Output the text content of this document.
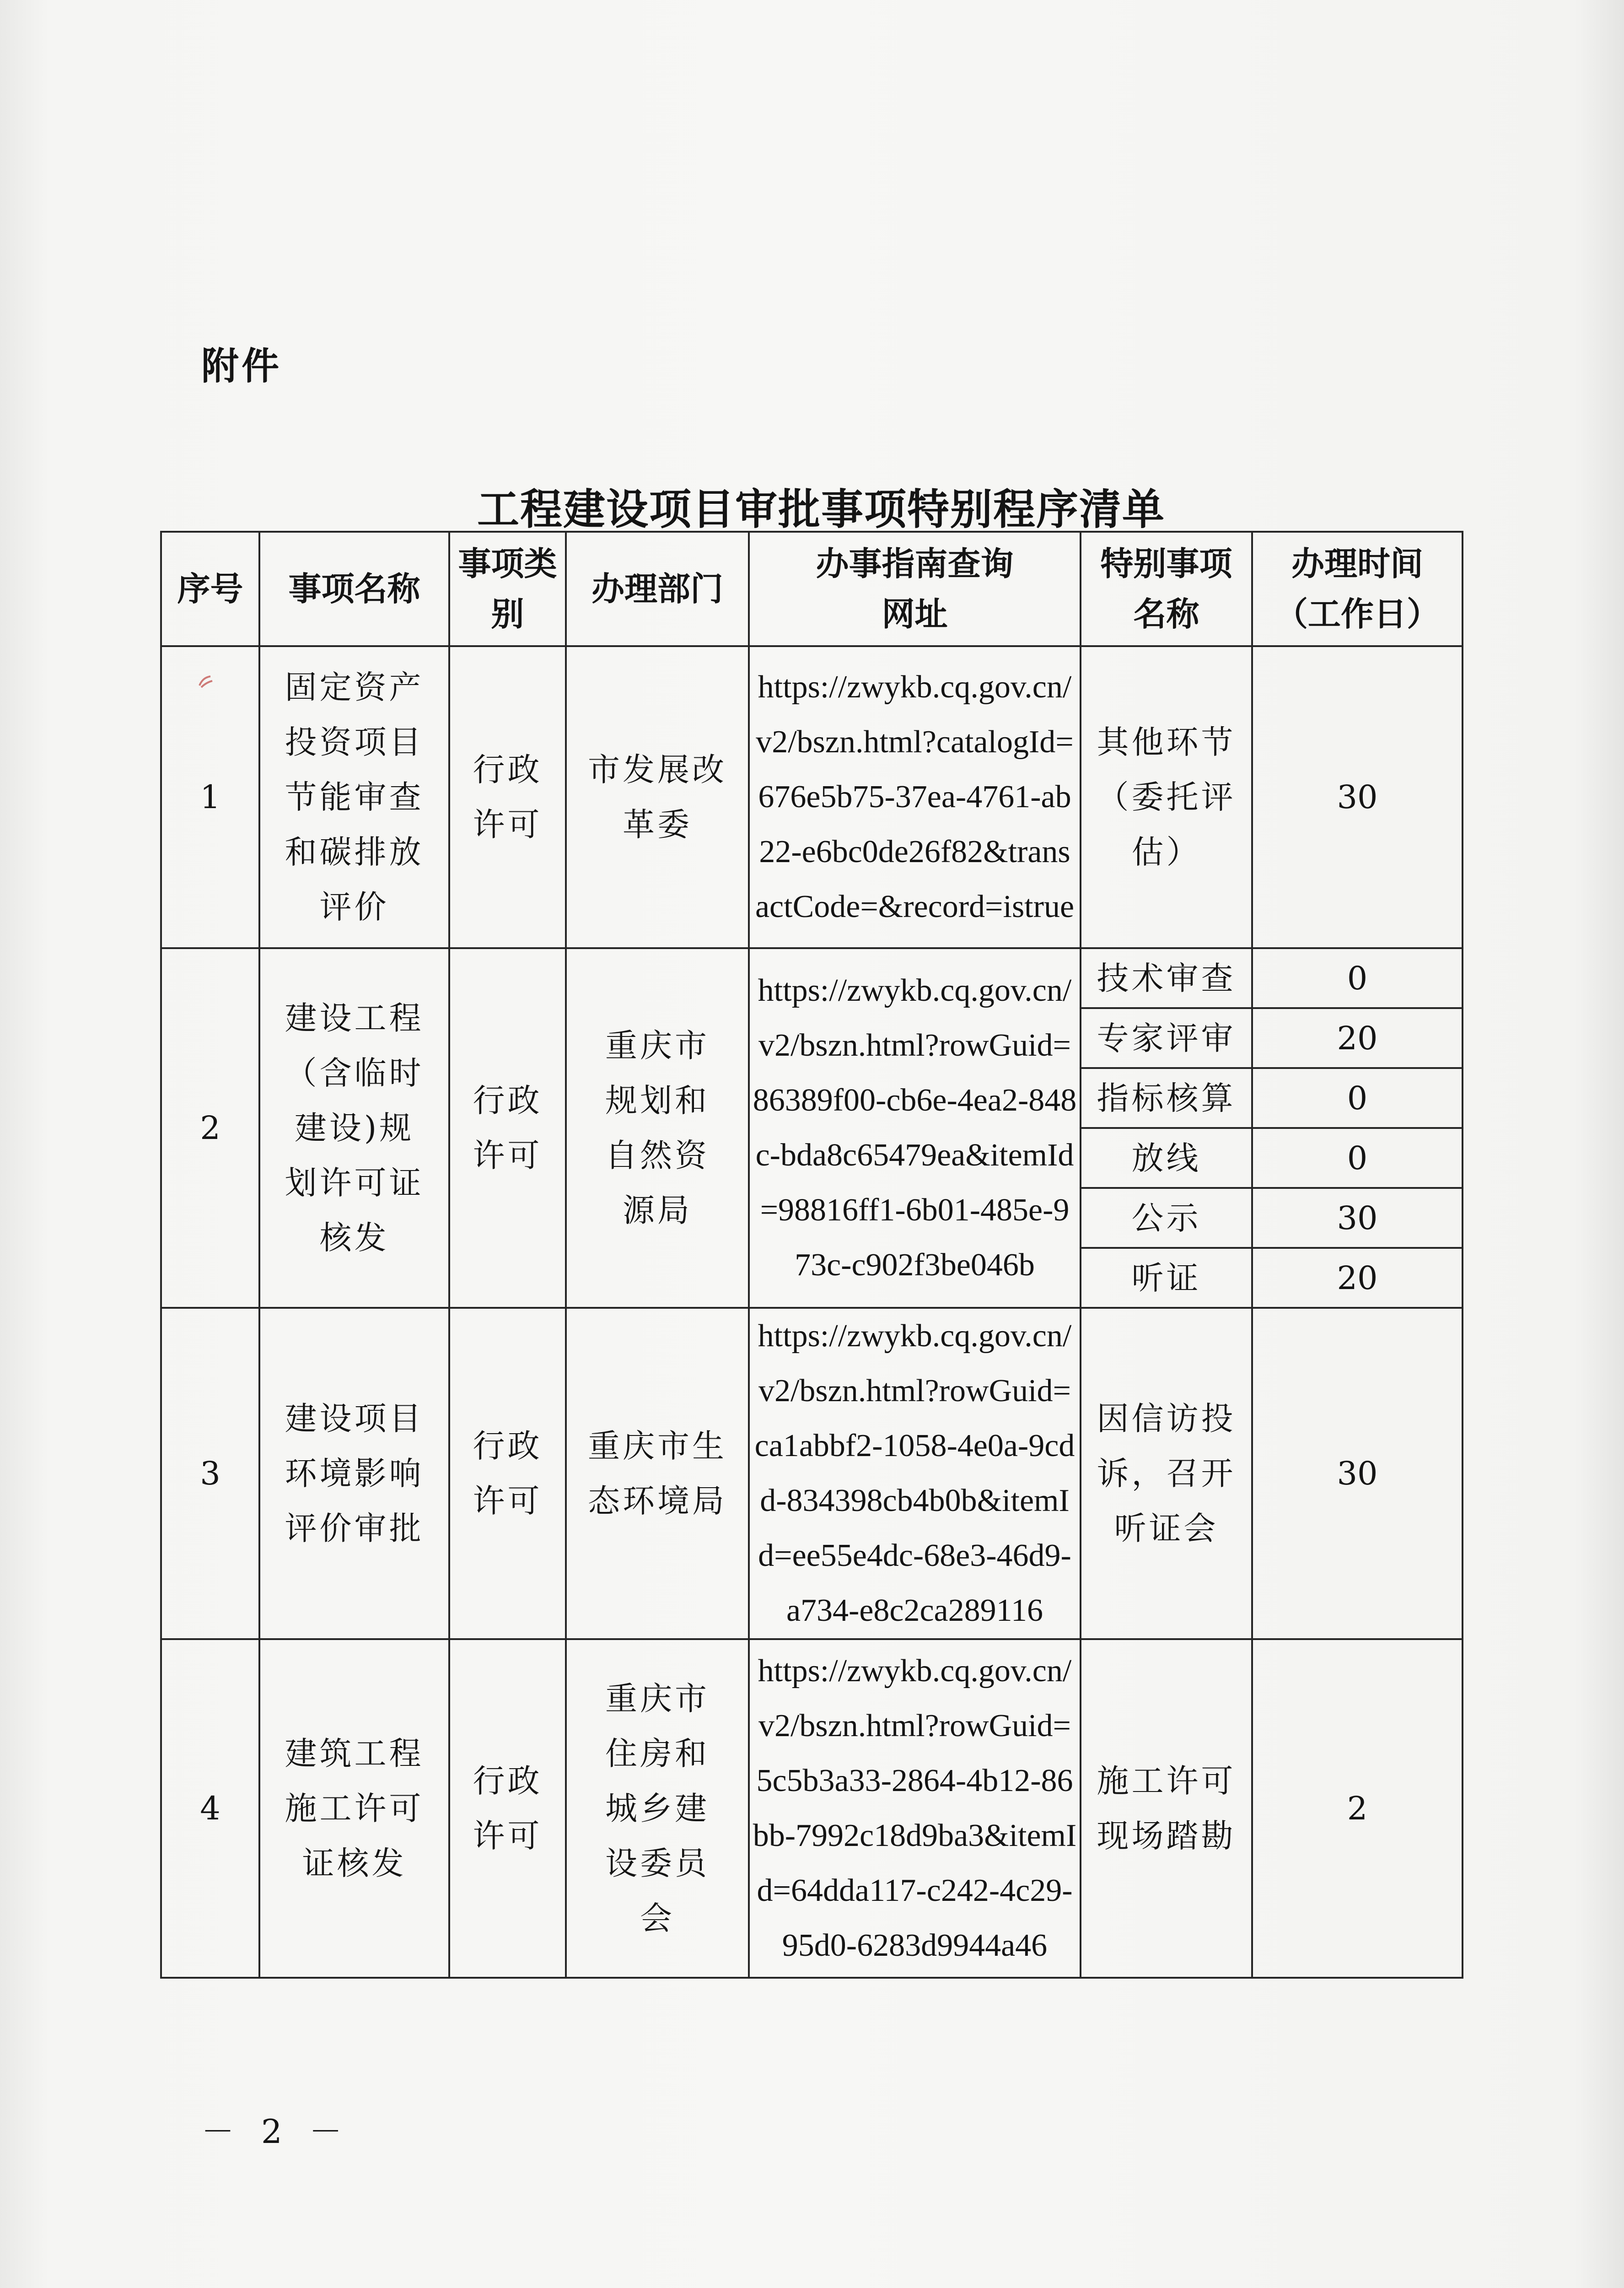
附件
工程建设项目审批事项特别程序清单
序号	事项名称	事项类别	办理部门	办事指南查询网址	特别事项名称	办理时间（工作日）
1	固定资产投资项目节能审查和碳排放评价	行政许可	市发展改革委	https://zwykb.cq.gov.cn/v2/bszn.html?catalogId=676e5b75-37ea-4761-ab22-e6bc0de26f82&transactCode=&record=istrue	其他环节（委托评估）	30
2	建设工程（含临时建设)规划许可证核发	行政许可	重庆市规划和自然资源局	https://zwykb.cq.gov.cn/v2/bszn.html?rowGuid=86389f00-cb6e-4ea2-848c-bda8c65479ea&itemId=98816ff1-6b01-485e-973c-c902f3be046b	技术审查	0
					专家评审	20
					指标核算	0
					放线	0
					公示	30
					听证	20
3	建设项目环境影响评价审批	行政许可	重庆市生态环境局	https://zwykb.cq.gov.cn/v2/bszn.html?rowGuid=ca1abbf2-1058-4e0a-9cdd-834398cb4b0b&itemId=ee55e4dc-68e3-46d9-a734-e8c2ca289116	因信访投诉，召开听证会	30
4	建筑工程施工许可证核发	行政许可	重庆市住房和城乡建设委员会	https://zwykb.cq.gov.cn/v2/bszn.html?rowGuid=5c5b3a33-2864-4b12-86bb-7992c18d9ba3&itemId=64dda117-c242-4c29-95d0-6283d9944a46	施工许可现场踏勘	2
－ 2 －
